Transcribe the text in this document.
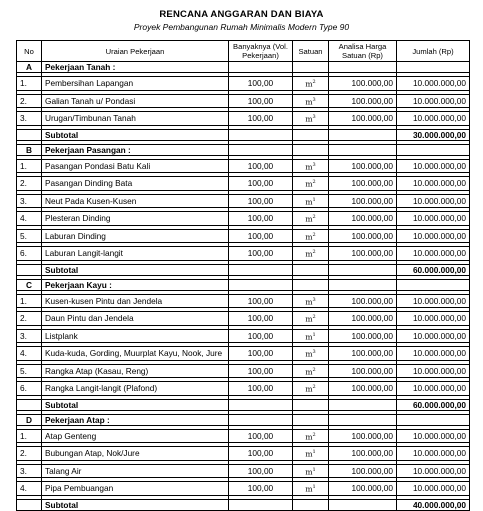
RENCANA ANGGARAN DAN BIAYA
Proyek Pembangunan Rumah Minimalis Modern Type 90
No	Uraian Pekerjaan	Banyaknya (Vol. Pekerjaan)	Satuan	Analisa Harga Satuan (Rp)	Jumlah (Rp)
A	Pekerjaan Tanah :				

1.	Pembersihan Lapangan	100,00	$m^2$	100.000,00	10.000.000,00

2.	Galian Tanah u/ Pondasi	100,00	$m^3$	100.000,00	10.000.000,00

3.	Urugan/Timbunan Tanah	100,00	$m^3$	100.000,00	10.000.000,00

	Subtotal				30.000.000,00

B	Pekerjaan Pasangan :				

1.	Pasangan Pondasi Batu Kali	100,00	$m^3$	100.000,00	10.000.000,00

2.	Pasangan Dinding Bata	100,00	$m^2$	100.000,00	10.000.000,00

3.	Neut Pada Kusen-Kusen	100,00	$m^1$	100.000,00	10.000.000,00

4.	Plesteran Dinding	100,00	$m^2$	100.000,00	10.000.000,00

5.	Laburan Dinding	100,00	$m^2$	100.000,00	10.000.000,00

6.	Laburan Langit-langit	100,00	$m^2$	100.000,00	10.000.000,00

	Subtotal				60.000.000,00

C	Pekerjaan Kayu :				

1.	Kusen-kusen Pintu dan Jendela	100,00	$m^3$	100.000,00	10.000.000,00

2.	Daun Pintu dan Jendela	100,00	$m^2$	100.000,00	10.000.000,00

3.	Listplank	100,00	$m^1$	100.000,00	10.000.000,00

4.	Kuda-kuda, Gording, Muurplat Kayu, Nook, Jure	100,00	$m^3$	100.000,00	10.000.000,00

5.	Rangka Atap (Kasau, Reng)	100,00	$m^2$	100.000,00	10.000.000,00

6.	Rangka Langit-langit (Plafond)	100,00	$m^2$	100.000,00	10.000.000,00

	Subtotal				60.000.000,00

D	Pekerjaan Atap :				

1.	Atap Genteng	100,00	$m^2$	100.000,00	10.000.000,00

2.	Bubungan Atap, Nok/Jure	100,00	$m^1$	100.000,00	10.000.000,00

3.	Talang Air	100,00	$m^1$	100.000,00	10.000.000,00

4.	Pipa Pembuangan	100,00	$m^1$	100.000,00	10.000.000,00

	Subtotal				40.000.000,00
